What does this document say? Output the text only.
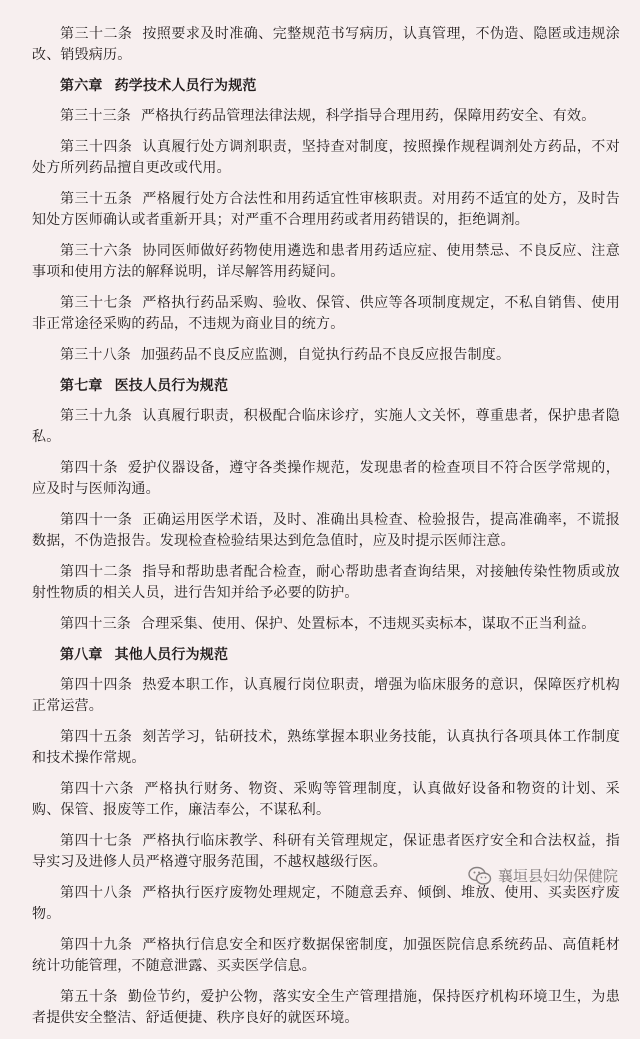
第三十二条 按照要求及时准确、完整规范书写病历，认真管理，不伪造、隐匿或违规涂改、销毁病历。

第六章 药学技术人员行为规范

第三十三条 严格执行药品管理法律法规，科学指导合理用药，保障用药安全、有效。

第三十四条 认真履行处方调剂职责，坚持查对制度，按照操作规程调剂处方药品，不对处方所列药品擅自更改或代用。

第三十五条 严格履行处方合法性和用药适宜性审核职责。对用药不适宜的处方，及时告知处方医师确认或者重新开具；对严重不合理用药或者用药错误的，拒绝调剂。

第三十六条 协同医师做好药物使用遴选和患者用药适应症、使用禁忌、不良反应、注意事项和使用方法的解释说明，详尽解答用药疑问。

第三十七条 严格执行药品采购、验收、保管、供应等各项制度规定，不私自销售、使用非正常途径采购的药品，不违规为商业目的统方。

第三十八条 加强药品不良反应监测，自觉执行药品不良反应报告制度。

第七章 医技人员行为规范

第三十九条 认真履行职责，积极配合临床诊疗，实施人文关怀，尊重患者，保护患者隐私。

第四十条 爱护仪器设备，遵守各类操作规范，发现患者的检查项目不符合医学常规的，应及时与医师沟通。

第四十一条 正确运用医学术语，及时、准确出具检查、检验报告，提高准确率，不谎报数据，不伪造报告。发现检查检验结果达到危急值时，应及时提示医师注意。

第四十二条 指导和帮助患者配合检查，耐心帮助患者查询结果，对接触传染性物质或放射性物质的相关人员，进行告知并给予必要的防护。

第四十三条 合理采集、使用、保护、处置标本，不违规买卖标本，谋取不正当利益。

第八章 其他人员行为规范

第四十四条 热爱本职工作，认真履行岗位职责，增强为临床服务的意识，保障医疗机构正常运营。

第四十五条 刻苦学习，钻研技术，熟练掌握本职业务技能，认真执行各项具体工作制度和技术操作常规。

第四十六条 严格执行财务、物资、采购等管理制度，认真做好设备和物资的计划、采购、保管、报废等工作，廉洁奉公，不谋私利。

第四十七条 严格执行临床教学、科研有关管理规定，保证患者医疗安全和合法权益，指导实习及进修人员严格遵守服务范围，不越权越级行医。

第四十八条 严格执行医疗废物处理规定，不随意丢弃、倾倒、堆放、使用、买卖医疗废物。

第四十九条 严格执行信息安全和医疗数据保密制度，加强医院信息系统药品、高值耗材统计功能管理，不随意泄露、买卖医学信息。

第五十条 勤俭节约，爱护公物，落实安全生产管理措施，保持医疗机构环境卫生，为患者提供安全整洁、舒适便捷、秩序良好的就医环境。

襄垣县妇幼保健院
